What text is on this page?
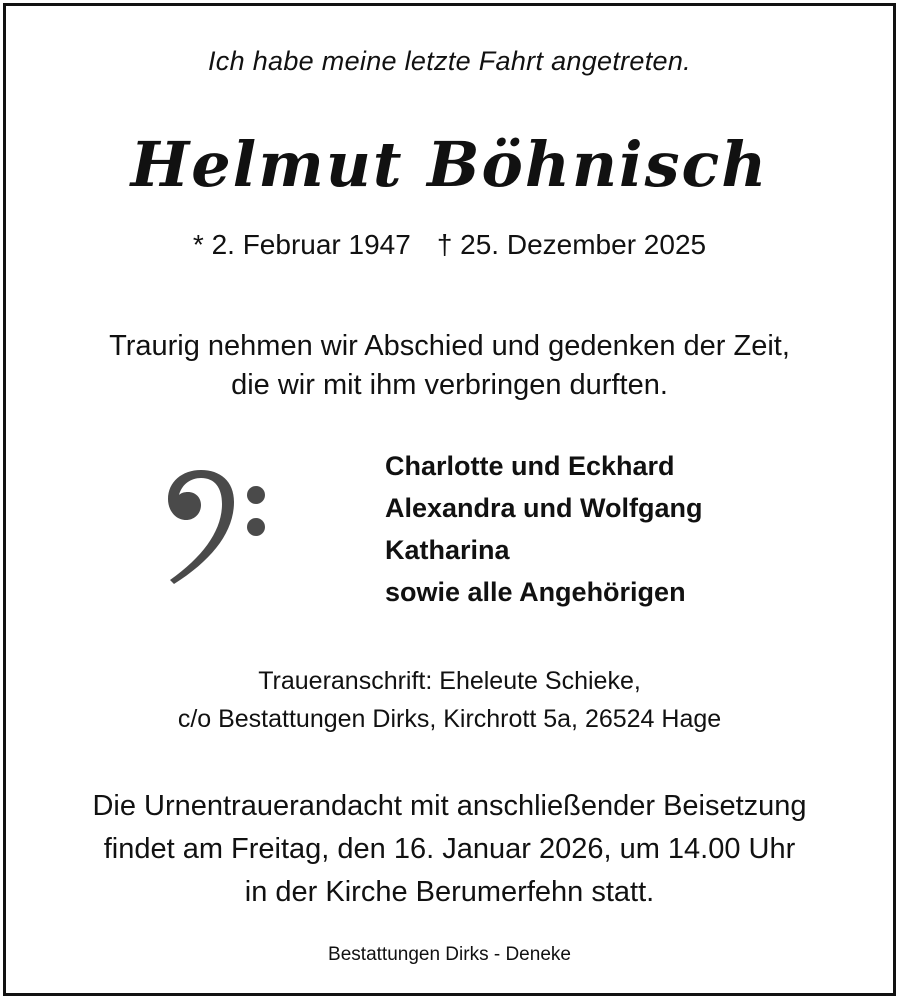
Ich habe meine letzte Fahrt angetreten.
Helmut Böhnisch
* 2. Februar 1947 † 25. Dezember 2025
Traurig nehmen wir Abschied und gedenken der Zeit,
die wir mit ihm verbringen durften.
Charlotte und Eckhard
Alexandra und Wolfgang
Katharina
sowie alle Angehörigen
Traueranschrift: Eheleute Schieke,
c/o Bestattungen Dirks, Kirchrott 5a, 26524 Hage
Die Urnentrauerandacht mit anschließender Beisetzung
findet am Freitag, den 16. Januar 2026, um 14.00 Uhr
in der Kirche Berumerfehn statt.
Bestattungen Dirks - Deneke
